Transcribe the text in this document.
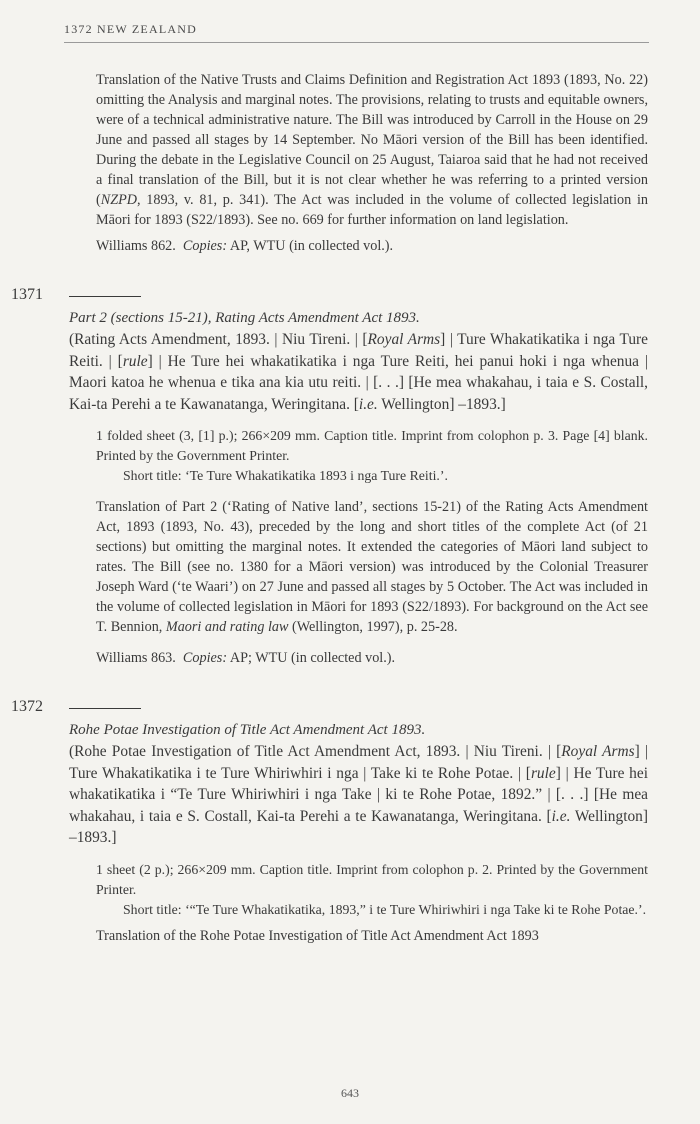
1372 NEW ZEALAND

Translation of the Native Trusts and Claims Definition and Registration Act 1893 (1893, No. 22) omitting the Analysis and marginal notes. The provisions, relating to trusts and equitable owners, were of a technical administrative nature. The Bill was introduced by Carroll in the House on 29 June and passed all stages by 14 September. No Māori version of the Bill has been identified. During the debate in the Legislative Council on 25 August, Taiaroa said that he had not received a final translation of the Bill, but it is not clear whether he was referring to a printed version (NZPD, 1893, v. 81, p. 341). The Act was included in the volume of collected legislation in Māori for 1893 (S22/1893). See no. 669 for further information on land legislation.

Williams 862. Copies: AP, WTU (in collected vol.).

1371

Part 2 (sections 15-21), Rating Acts Amendment Act 1893.

(Rating Acts Amendment, 1893. | Niu Tireni. | [Royal Arms] | Ture Whakatikatika i nga Ture Reiti. | [rule] | He Ture hei whakatikatika i nga Ture Reiti, hei panui hoki i nga whenua | Maori katoa he whenua e tika ana kia utu reiti. | [. . .] [He mea whakahau, i taia e S. Costall, Kai-ta Perehi a te Kawanatanga, Weringitana. [i.e. Wellington] –1893.]

1 folded sheet (3, [1] p.); 266×209 mm. Caption title. Imprint from colophon p. 3. Page [4] blank. Printed by the Government Printer.

Short title: ‘Te Ture Whakatikatika 1893 i nga Ture Reiti.’.

Translation of Part 2 (‘Rating of Native land’, sections 15-21) of the Rating Acts Amendment Act, 1893 (1893, No. 43), preceded by the long and short titles of the complete Act (of 21 sections) but omitting the marginal notes. It extended the categories of Māori land subject to rates. The Bill (see no. 1380 for a Māori version) was introduced by the Colonial Treasurer Joseph Ward (‘te Waari’) on 27 June and passed all stages by 5 October. The Act was included in the volume of collected legislation in Māori for 1893 (S22/1893). For background on the Act see T. Bennion, Maori and rating law (Wellington, 1997), p. 25-28.

Williams 863. Copies: AP; WTU (in collected vol.).

1372

Rohe Potae Investigation of Title Act Amendment Act 1893.

(Rohe Potae Investigation of Title Act Amendment Act, 1893. | Niu Tireni. | [Royal Arms] | Ture Whakatikatika i te Ture Whiriwhiri i nga | Take ki te Rohe Potae. | [rule] | He Ture hei whakatikatika i “Te Ture Whiriwhiri i nga Take | ki te Rohe Potae, 1892.” | [. . .] [He mea whakahau, i taia e S. Costall, Kai-ta Perehi a te Kawanatanga, Weringitana. [i.e. Wellington] –1893.]

1 sheet (2 p.); 266×209 mm. Caption title. Imprint from colophon p. 2. Printed by the Government Printer.

Short title: ‘“Te Ture Whakatikatika, 1893,” i te Ture Whiriwhiri i nga Take ki te Rohe Potae.’.

Translation of the Rohe Potae Investigation of Title Act Amendment Act 1893

643
